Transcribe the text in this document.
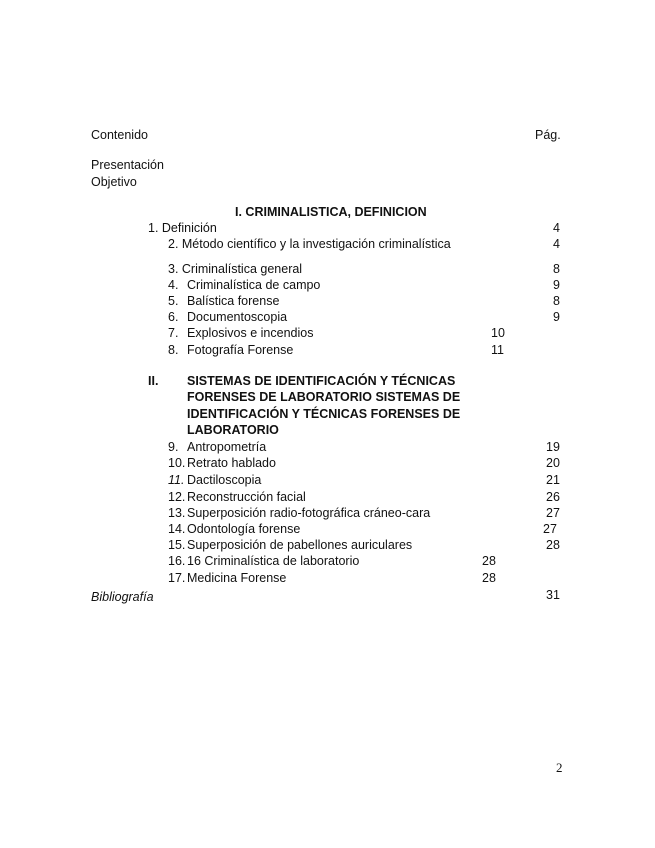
Contenido	Pág.
Presentación
Objetivo
I. CRIMINALISTICA, DEFINICION
1. Definición	4
2. Método científico y la investigación criminalística	4
3. Criminalística general	8
4. Criminalística de campo	9
5. Balística forense	8
6. Documentoscopia	9
7. Explosivos e incendios	10
8. Fotografía Forense	11
II. SISTEMAS DE IDENTIFICACIÓN Y TÉCNICAS
FORENSES DE LABORATORIO SISTEMAS DE
IDENTIFICACIÓN Y TÉCNICAS FORENSES DE
LABORATORIO
9. Antropometría	19
10. Retrato hablado	20
11. Dactiloscopia	21
12. Reconstrucción facial	26
13. Superposición radio-fotográfica cráneo-cara	27
14. Odontología forense	27
15. Superposición de pabellones auriculares	28
16. 16 Criminalística de laboratorio	28
17. Medicina Forense	28
Bibliografía	31
2
